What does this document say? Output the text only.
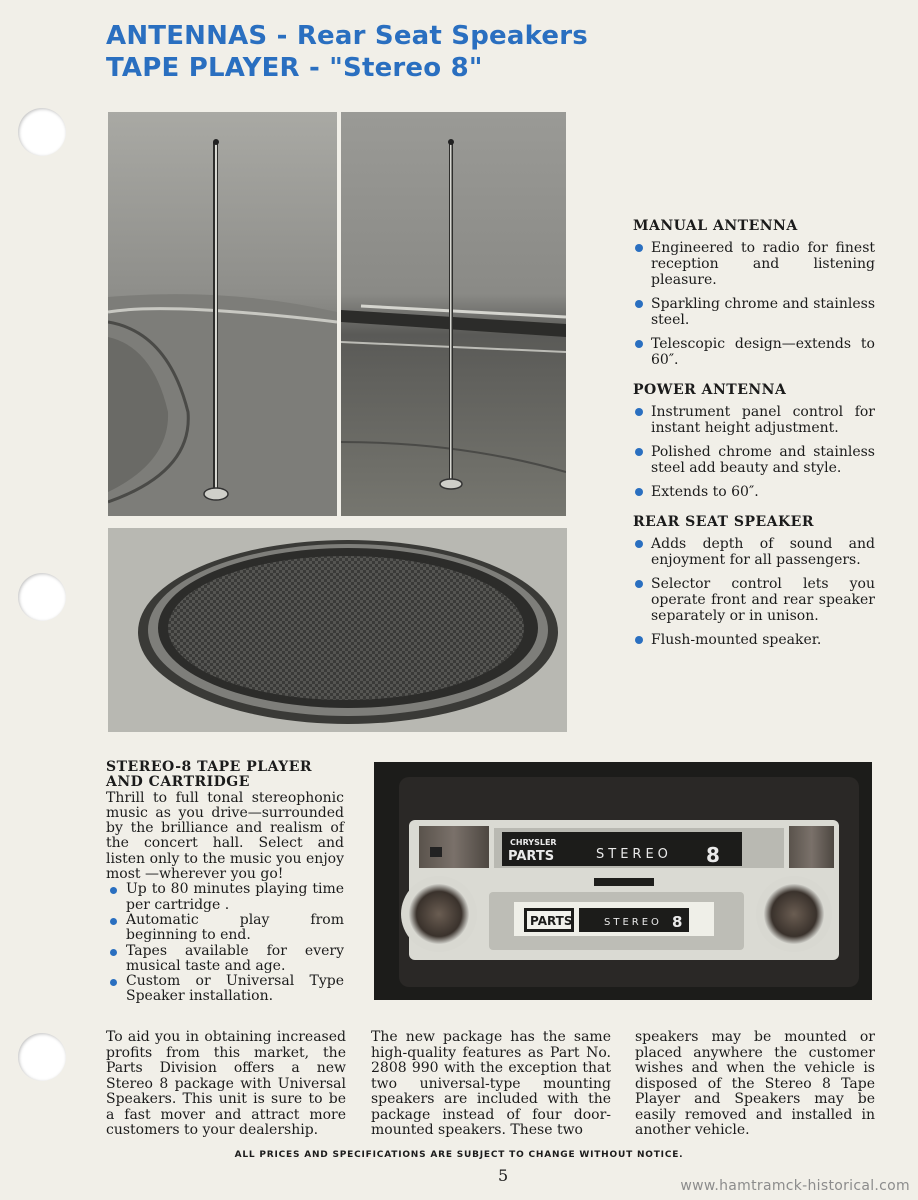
ANTENNAS - Rear Seat Speakers
TAPE PLAYER - "Stereo 8"
CHRYSLER
PARTS	STEREO 8
PARTS	STEREO 8
MANUAL ANTENNA
Engineered to radio for finest reception and listening pleasure.
Sparkling chrome and stainless steel.
Telescopic design—extends to 60″.
POWER ANTENNA
Instrument panel control for instant height adjustment.
Polished chrome and stainless steel add beauty and style.
Extends to 60″.
REAR SEAT SPEAKER
Adds depth of sound and enjoyment for all passengers.
Selector control lets you operate front and rear speaker separately or in unison.
Flush-mounted speaker.
STEREO-8 TAPE PLAYER
AND CARTRIDGE

Thrill to full tonal stereophonic music as you drive—surrounded by the brilliance and realism of the concert hall. Select and listen only to the music you enjoy most —wherever you go!

Up to 80 minutes playing time per cartridge .
Automatic play from beginning to end.
Tapes available for every musical taste and age.
Custom or Universal Type Speaker installation.

To aid you in obtaining increased profits from this market, the Parts Division offers a new Stereo 8 package with Universal Speakers. This unit is sure to be a fast mover and attract more customers to your dealership.

The new package has the same high-quality features as Part No. 2808 990 with the exception that two universal-type mounting speakers are included with the package instead of four door-mounted speakers. These two

speakers may be mounted or placed anywhere the customer wishes and when the vehicle is disposed of the Stereo 8 Tape Player and Speakers may be easily removed and installed in another vehicle.

ALL PRICES AND SPECIFICATIONS ARE SUBJECT TO CHANGE WITHOUT NOTICE.
5
www.hamtramck-historical.com
